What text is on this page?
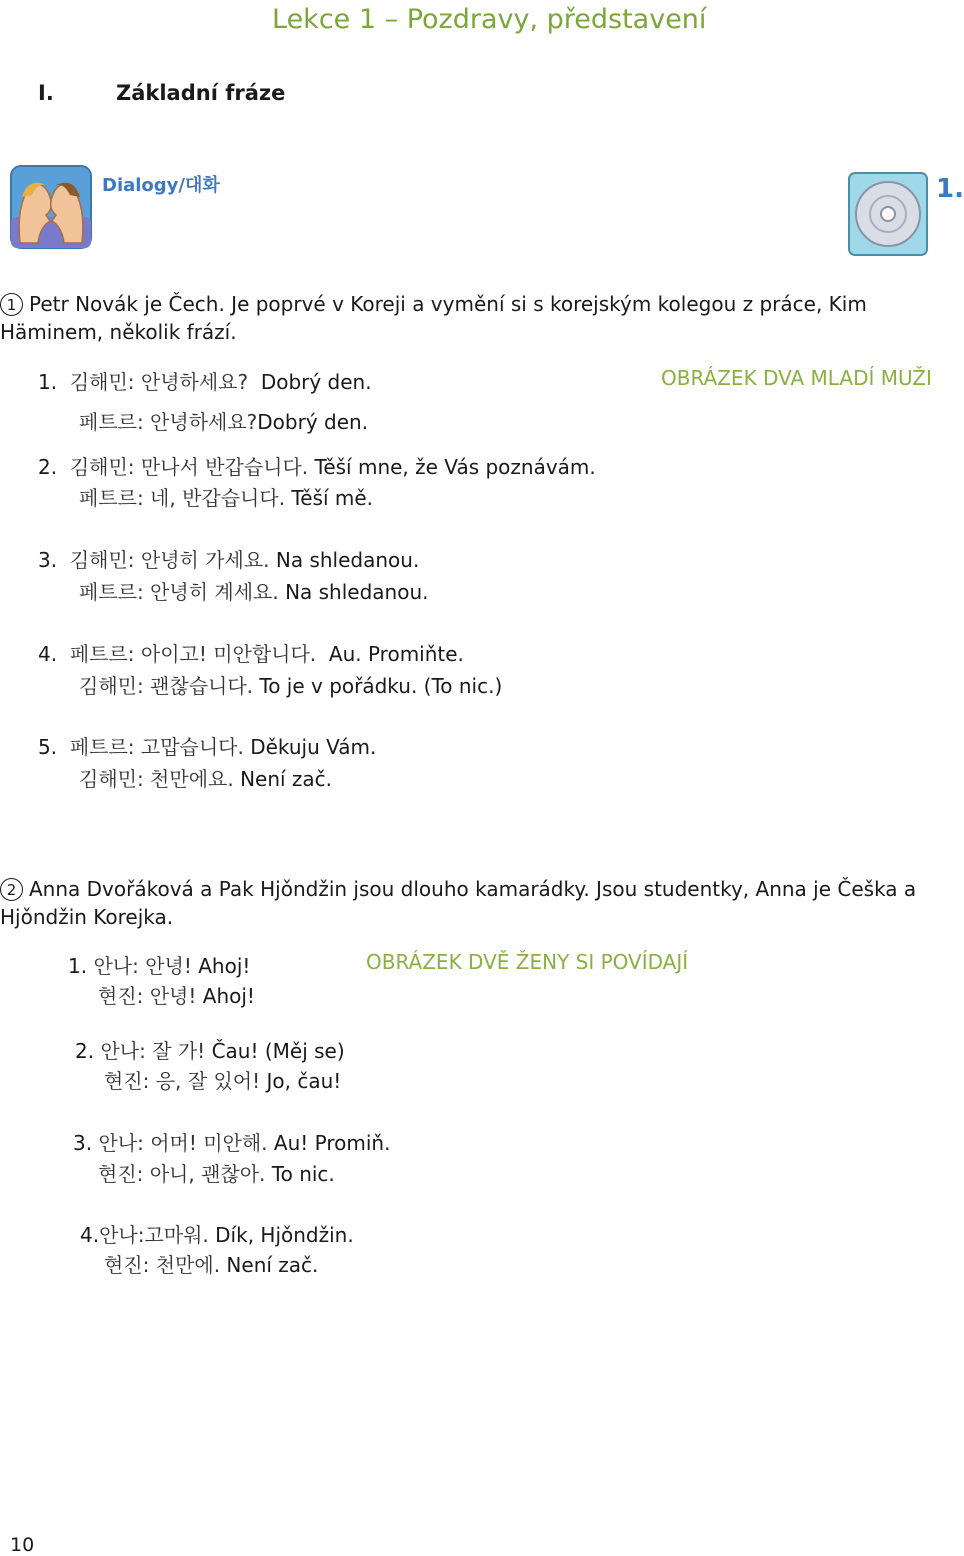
Lekce 1 – Pozdravy, představení
I.	Základní fráze
Dialogy/대화	1.
1 Petr Novák je Čech. Je poprvé v Koreji a vymění si s korejským kolegou z práce, Kim Häminem, několik frází.
OBRÁZEK DVA MLADÍ MUŽI
1. 김해민: 안녕하세요? Dobrý den.
페트르: 안녕하세요?Dobrý den.
2. 김해민: 만나서 반갑습니다. Těší mne, že Vás poznávám.
페트르: 네, 반갑습니다. Těší mě.
3. 김해민: 안녕히 가세요. Na shledanou.
페트르: 안녕히 계세요. Na shledanou.
4. 페트르: 아이고! 미안합니다. Au. Promiňte.
김해민: 괜찮습니다. To je v pořádku. (To nic.)
5. 페트르: 고맙습니다. Děkuju Vám.
김해민: 천만에요. Není zač.
2 Anna Dvořáková a Pak Hjǒndžin jsou dlouho kamarádky. Jsou studentky, Anna je Češka a Hjǒndžin Korejka.
OBRÁZEK DVĚ ŽENY SI POVÍDAJÍ
1. 안나: 안녕! Ahoj!
현진: 안녕! Ahoj!
2. 안나: 잘 가! Čau! (Měj se)
현진: 응, 잘 있어! Jo, čau!
3. 안나: 어머! 미안해. Au! Promiň.
현진: 아니, 괜찮아. To nic.
4.안나:고마워. Dík, Hjǒndžin.
현진: 천만에. Není zač.
10
